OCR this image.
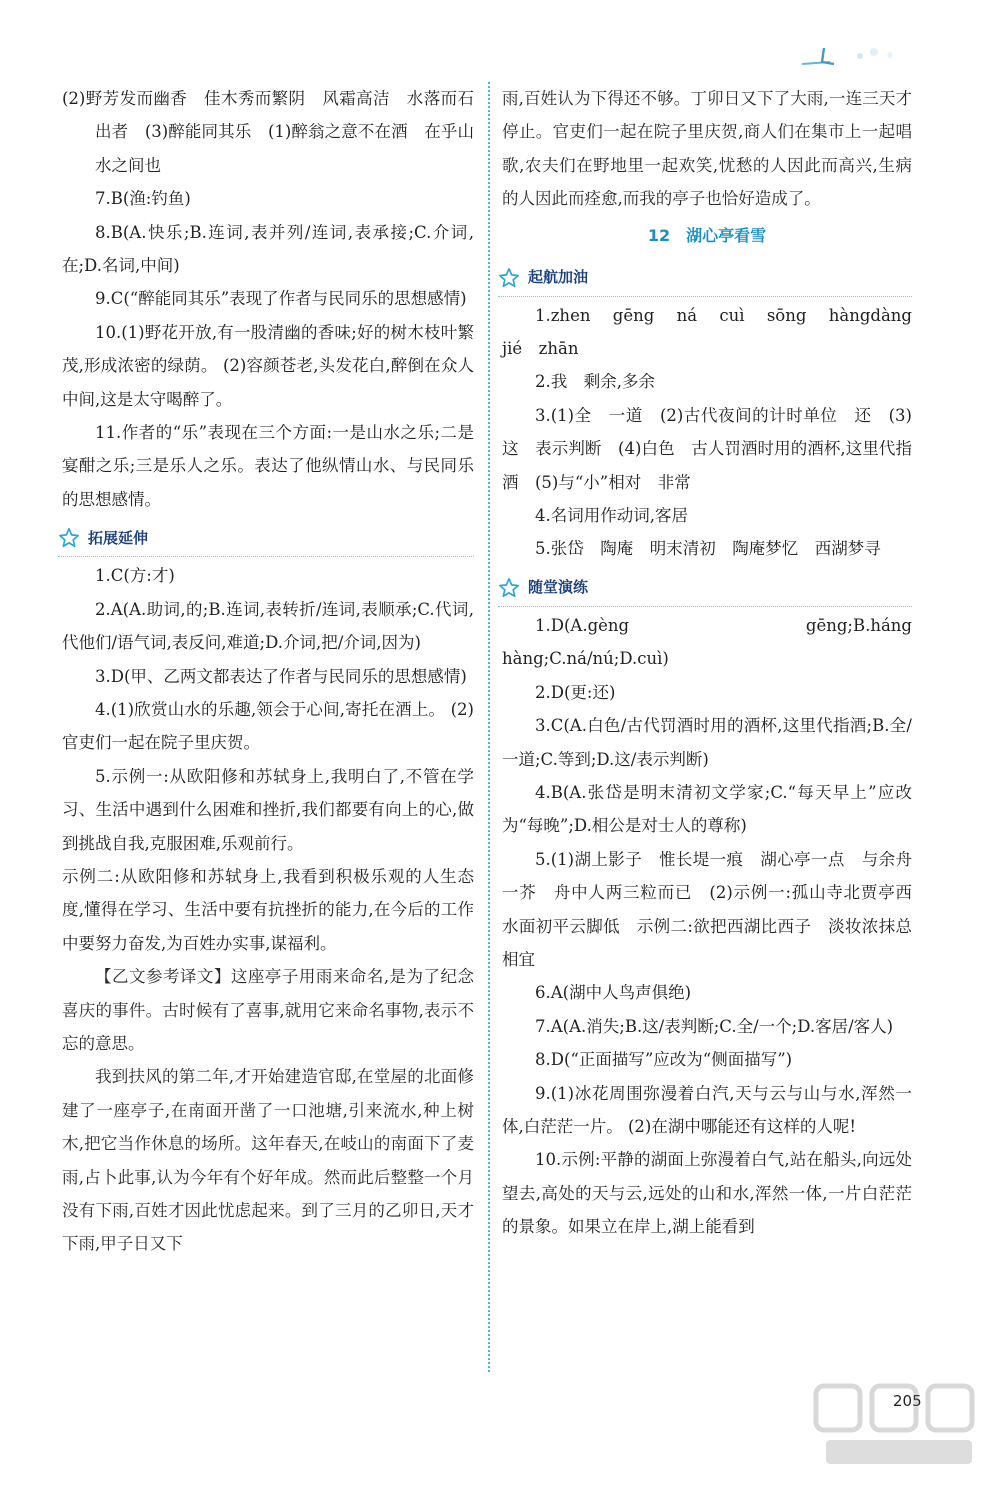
(2)野芳发而幽香　佳木秀而繁阴　风霜高洁　水落而石出者　(3)醉能同其乐　(1)醉翁之意不在酒　在乎山水之间也

7.B(渔:钓鱼)

8.B(A.快乐;B.连词,表并列/连词,表承接;C.介词,在;D.名词,中间)

9.C(“醉能同其乐”表现了作者与民同乐的思想感情)

10.(1)野花开放,有一股清幽的香味;好的树木枝叶繁茂,形成浓密的绿荫。 (2)容颜苍老,头发花白,醉倒在众人中间,这是太守喝醉了。

11.作者的“乐”表现在三个方面:一是山水之乐;二是宴酣之乐;三是乐人之乐。表达了他纵情山水、与民同乐的思想感情。

拓展延伸

1.C(方:才)

2.A(A.助词,的;B.连词,表转折/连词,表顺承;C.代词,代他们/语气词,表反问,难道;D.介词,把/介词,因为)

3.D(甲、乙两文都表达了作者与民同乐的思想感情)

4.(1)欣赏山水的乐趣,领会于心间,寄托在酒上。 (2)官吏们一起在院子里庆贺。

5.示例一:从欧阳修和苏轼身上,我明白了,不管在学习、生活中遇到什么困难和挫折,我们都要有向上的心,做到挑战自我,克服困难,乐观前行。

示例二:从欧阳修和苏轼身上,我看到积极乐观的人生态度,懂得在学习、生活中要有抗挫折的能力,在今后的工作中要努力奋发,为百姓办实事,谋福利。

【乙文参考译文】这座亭子用雨来命名,是为了纪念喜庆的事件。古时候有了喜事,就用它来命名事物,表示不忘的意思。

我到扶风的第二年,才开始建造官邸,在堂屋的北面修建了一座亭子,在南面开凿了一口池塘,引来流水,种上树木,把它当作休息的场所。这年春天,在岐山的南面下了麦雨,占卜此事,认为今年有个好年成。然而此后整整一个月没有下雨,百姓才因此忧虑起来。到了三月的乙卯日,天才下雨,甲子日又下

雨,百姓认为下得还不够。丁卯日又下了大雨,一连三天才停止。官吏们一起在院子里庆贺,商人们在集市上一起唱歌,农夫们在野地里一起欢笑,忧愁的人因此而高兴,生病的人因此而痊愈,而我的亭子也恰好造成了。

12　湖心亭看雪
起航加油

1.zhen　gēng　ná　cuì　sōng　hàngdàng　jié　zhān

2.我　剩余,多余

3.(1)全　一道　(2)古代夜间的计时单位　还　(3)这　表示判断　(4)白色　古人罚酒时用的酒杯,这里代指酒　(5)与“小”相对　非常

4.名词用作动词,客居

5.张岱　陶庵　明末清初　陶庵梦忆　西湖梦寻

随堂演练

1.D(A.gèng gēng;B.háng hàng;C.ná/nú;D.cuì)

2.D(更:还)

3.C(A.白色/古代罚酒时用的酒杯,这里代指酒;B.全/一道;C.等到;D.这/表示判断)

4.B(A.张岱是明末清初文学家;C.“每天早上”应改为“每晚”;D.相公是对士人的尊称)

5.(1)湖上影子　惟长堤一痕　湖心亭一点　与余舟一芥　舟中人两三粒而已　(2)示例一:孤山寺北贾亭西　水面初平云脚低　示例二:欲把西湖比西子　淡妆浓抹总相宜

6.A(湖中人鸟声俱绝)

7.A(A.消失;B.这/表判断;C.全/一个;D.客居/客人)

8.D(“正面描写”应改为“侧面描写”)

9.(1)冰花周围弥漫着白汽,天与云与山与水,浑然一体,白茫茫一片。 (2)在湖中哪能还有这样的人呢!

10.示例:平静的湖面上弥漫着白气,站在船头,向远处望去,高处的天与云,远处的山和水,浑然一体,一片白茫茫的景象。如果立在岸上,湖上能看到

205
